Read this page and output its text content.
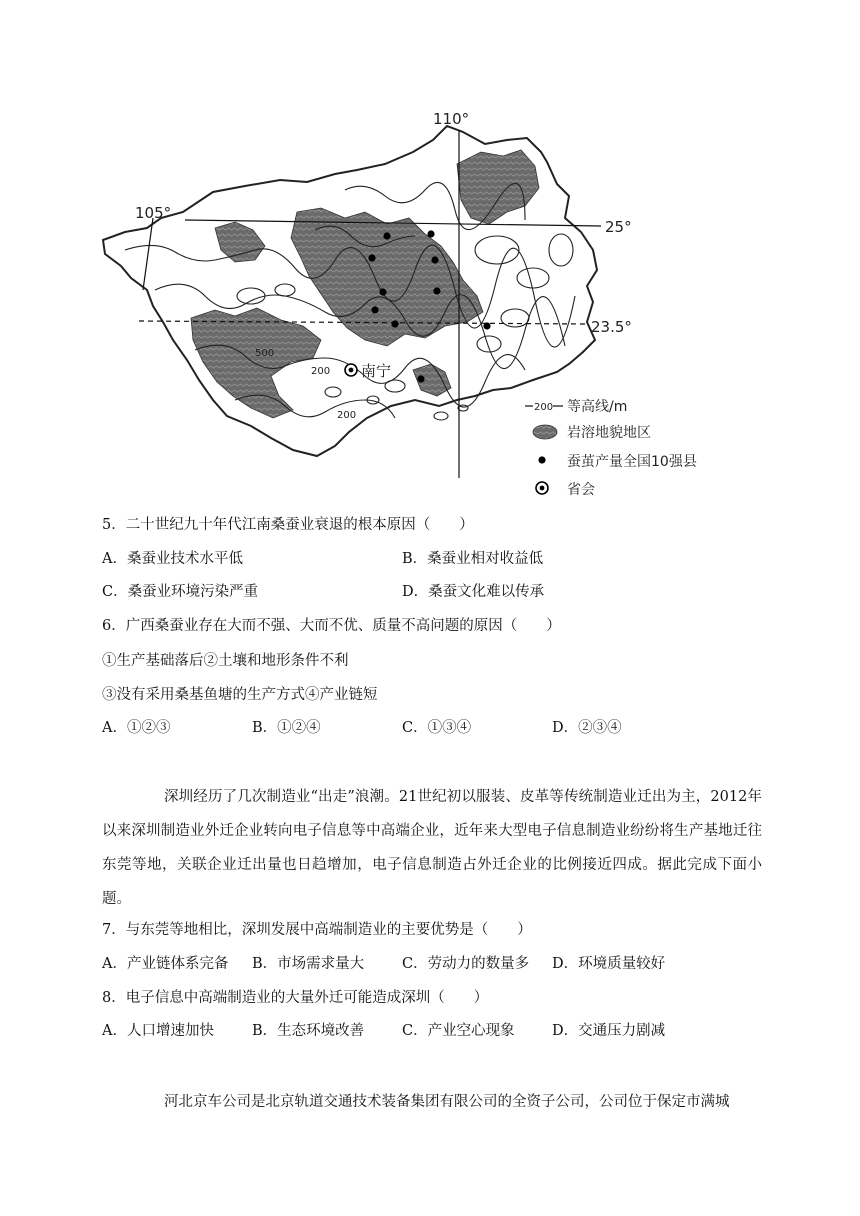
110°
105°
25°
23.5°
500
200
200
南宁
200 等高线/m
岩溶地貌地区
蚕茧产量全国10强县
省会
5．二十世纪九十年代江南桑蚕业衰退的根本原因（　　）
A．桑蚕业技术水平低	B．桑蚕业相对收益低
C．桑蚕业环境污染严重	D．桑蚕文化难以传承
6．广西桑蚕业存在大而不强、大而不优、质量不高问题的原因（　　）
①生产基础落后②土壤和地形条件不利
③没有采用桑基鱼塘的生产方式④产业链短
A．①②③	B．①②④	C．①③④	D．②③④
深圳经历了几次制造业“出走”浪潮。21世纪初以服装、皮革等传统制造业迁出为主，2012年以来深圳制造业外迁企业转向电子信息等中高端企业，近年来大型电子信息制造业纷纷将生产基地迁往东莞等地，关联企业迁出量也日趋增加，电子信息制造占外迁企业的比例接近四成。据此完成下面小题。
7．与东莞等地相比，深圳发展中高端制造业的主要优势是（　　）
A．产业链体系完备 B．市场需求量大	C．劳动力的数量多 D．环境质量较好
8．电子信息中高端制造业的大量外迁可能造成深圳（　　）
A．人口增速加快	B．生态环境改善	C．产业空心现象	D．交通压力剧减
河北京车公司是北京轨道交通技术装备集团有限公司的全资子公司，公司位于保定市满城
